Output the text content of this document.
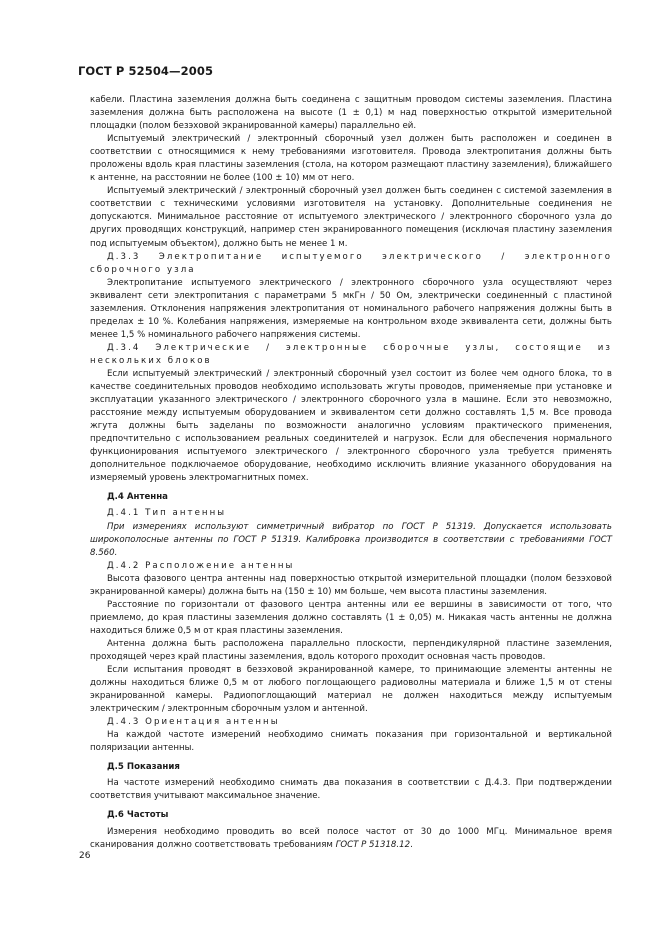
ГОСТ Р 52504—2005

кабели. Пластина заземления должна быть соединена с защитным проводом системы заземления. Пластина заземления должна быть расположена на высоте (1 ± 0,1) м над поверхностью открытой измерительной площадки (полом безэховой экранированной камеры) параллельно ей.

Испытуемый электрический / электронный сборочный узел должен быть расположен и соединен в соответствии с относящимися к нему требованиями изготовителя. Провода электропитания должны быть проложены вдоль края пластины заземления (стола, на котором размещают пластину заземления), ближайшего к антенне, на расстоянии не более (100 ± 10) мм от него.

Испытуемый электрический / электронный сборочный узел должен быть соединен с системой заземления в соответствии с техническими условиями изготовителя на установку. Дополнительные соединения не допускаются. Минимальное расстояние от испытуемого электрического / электронного сборочного узла до других проводящих конструкций, например стен экранированного помещения (исключая пластину заземления под испытуемым объектом), должно быть не менее 1 м.

Д.3.3 Электропитание испытуемого электрического / электронного сборочного узла

Электропитание испытуемого электрического / электронного сборочного узла осуществляют через эквивалент сети электропитания с параметрами 5 мкГн / 50 Ом, электрически соединенный с пластиной заземления. Отклонения напряжения электропитания от номинального рабочего напряжения должны быть в пределах ± 10 %. Колебания напряжения, измеряемые на контрольном входе эквивалента сети, должны быть менее 1,5 % номинального рабочего напряжения системы.

Д.3.4 Электрические / электронные сборочные узлы, состоящие из нескольких блоков

Если испытуемый электрический / электронный сборочный узел состоит из более чем одного блока, то в качестве соединительных проводов необходимо использовать жгуты проводов, применяемые при установке и эксплуатации указанного электрического / электронного сборочного узла в машине. Если это невозможно, расстояние между испытуемым оборудованием и эквивалентом сети должно составлять 1,5 м. Все провода жгута должны быть заделаны по возможности аналогично условиям практического применения, предпочтительно с использованием реальных соединителей и нагрузок. Если для обеспечения нормального функционирования испытуемого электрического / электронного сборочного узла требуется применять дополнительное подключаемое оборудование, необходимо исключить влияние указанного оборудования на измеряемый уровень электромагнитных помех.

Д.4 Антенна

Д.4.1 Тип антенны

При измерениях используют симметричный вибратор по ГОСТ Р 51319. Допускается использовать широкополосные антенны по ГОСТ Р 51319. Калибровка производится в соответствии с требованиями ГОСТ 8.560.

Д.4.2 Расположение антенны

Высота фазового центра антенны над поверхностью открытой измерительной площадки (полом безэховой экранированной камеры) должна быть на (150 ± 10) мм больше, чем высота пластины заземления.

Расстояние по горизонтали от фазового центра антенны или ее вершины в зависимости от того, что приемлемо, до края пластины заземления должно составлять (1 ± 0,05) м. Никакая часть антенны не должна находиться ближе 0,5 м от края пластины заземления.

Антенна должна быть расположена параллельно плоскости, перпендикулярной пластине заземления, проходящей через край пластины заземления, вдоль которого проходит основная часть проводов.

Если испытания проводят в безэховой экранированной камере, то принимающие элементы антенны не должны находиться ближе 0,5 м от любого поглощающего радиоволны материала и ближе 1,5 м от стены экранированной камеры. Радиопоглощающий материал не должен находиться между испытуемым электрическим / электронным сборочным узлом и антенной.

Д.4.3 Ориентация антенны

На каждой частоте измерений необходимо снимать показания при горизонтальной и вертикальной поляризации антенны.

Д.5 Показания

На частоте измерений необходимо снимать два показания в соответствии с Д.4.3. При подтверждении соответствия учитывают максимальное значение.

Д.6 Частоты

Измерения необходимо проводить во всей полосе частот от 30 до 1000 МГц. Минимальное время сканирования должно соответствовать требованиям ГОСТ Р 51318.12.

26
